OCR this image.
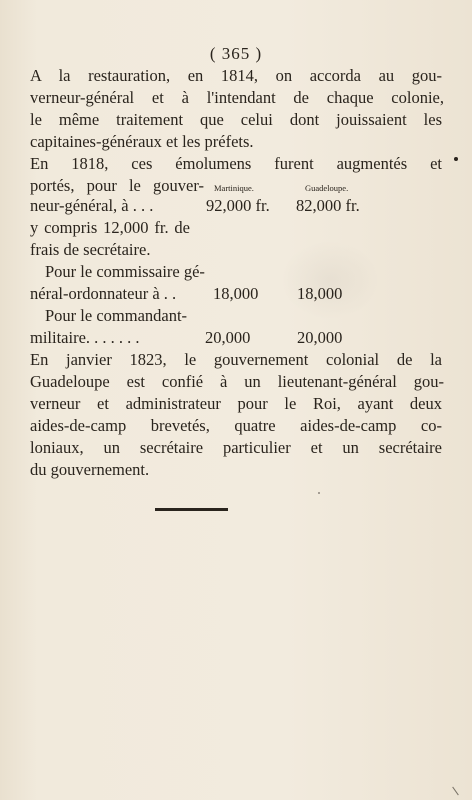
( 365 )
A la restauration, en 1814, on accorda au gou-
verneur-général et à l'intendant de chaque colonie,
le même traitement que celui dont jouissaient les
capitaines-généraux et les préfets.
En 1818, ces émolumens furent augmentés et
portés, pour le gouver- Martinique.	Guadeloupe.
neur-général, à . . .	92,000 fr. 82,000 fr.
y compris 12,000 fr. de
frais de secrétaire.
Pour le commissaire gé-
néral-ordonnateur à . . 18,000 18,000
Pour le commandant-
militaire. . . . . . .	20,000	20,000
En janvier 1823, le gouvernement colonial de la
Guadeloupe est confié à un lieutenant-général gou-
verneur et administrateur pour le Roi, ayant deux
aides-de-camp brevetés, quatre aides-de-camp co-
loniaux, un secrétaire particulier et un secrétaire
du gouvernement.
